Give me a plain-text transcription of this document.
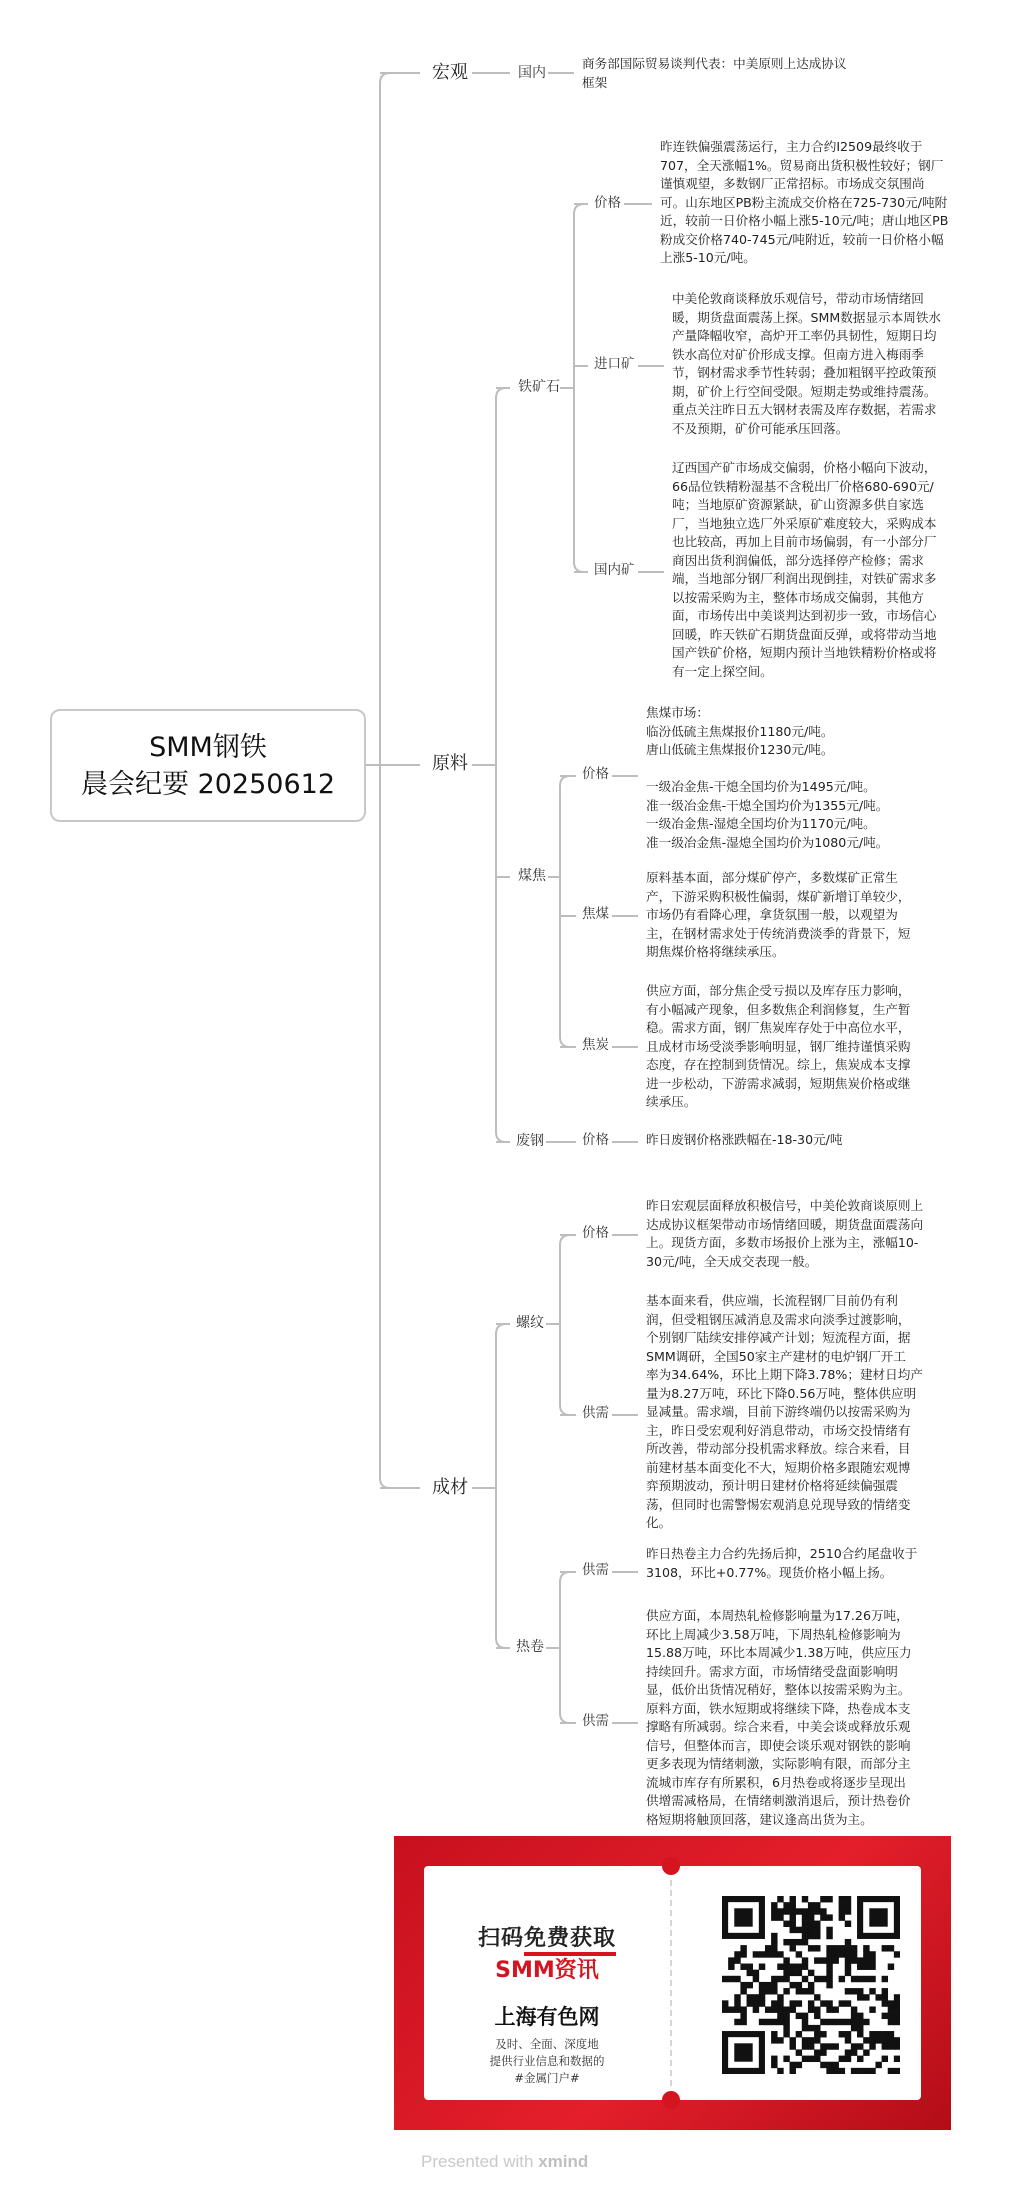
SMM钢铁
晨会纪要 20250612
宏观
原料
成材
国内
商务部国际贸易谈判代表：中美原则上达成协议
框架
铁矿石
价格
昨连铁偏强震荡运行，主力合约I2509最终收于
707，全天涨幅1%。贸易商出货积极性较好；钢厂
谨慎观望，多数钢厂正常招标。市场成交氛围尚
可。山东地区PB粉主流成交价格在725-730元/吨附
近，较前一日价格小幅上涨5-10元/吨；唐山地区PB
粉成交价格740-745元/吨附近，较前一日价格小幅
上涨5-10元/吨。
进口矿
中美伦敦商谈释放乐观信号，带动市场情绪回
暖，期货盘面震荡上探。SMM数据显示本周铁水
产量降幅收窄，高炉开工率仍具韧性，短期日均
铁水高位对矿价形成支撑。但南方进入梅雨季
节，钢材需求季节性转弱；叠加粗钢平控政策预
期，矿价上行空间受限。短期走势或维持震荡。
重点关注昨日五大钢材表需及库存数据，若需求
不及预期，矿价可能承压回落。
国内矿
辽西国产矿市场成交偏弱，价格小幅向下波动，
66品位铁精粉湿基不含税出厂价格680-690元/
吨；当地原矿资源紧缺，矿山资源多供自家选
厂，当地独立选厂外采原矿难度较大，采购成本
也比较高，再加上目前市场偏弱，有一小部分厂
商因出货利润偏低，部分选择停产检修；需求
端，当地部分钢厂利润出现倒挂，对铁矿需求多
以按需采购为主，整体市场成交偏弱，其他方
面，市场传出中美谈判达到初步一致，市场信心
回暖，昨天铁矿石期货盘面反弹，或将带动当地
国产铁矿价格，短期内预计当地铁精粉价格或将
有一定上探空间。
煤焦
价格
焦煤市场：
临汾低硫主焦煤报价1180元/吨。
唐山低硫主焦煤报价1230元/吨。

一级冶金焦-干熄全国均价为1495元/吨。
准一级冶金焦-干熄全国均价为1355元/吨。
一级冶金焦-湿熄全国均价为1170元/吨。
准一级冶金焦-湿熄全国均价为1080元/吨。
焦煤
原料基本面，部分煤矿停产，多数煤矿正常生
产，下游采购积极性偏弱，煤矿新增订单较少，
市场仍有看降心理，拿货氛围一般，以观望为
主，在钢材需求处于传统消费淡季的背景下，短
期焦煤价格将继续承压。
焦炭
供应方面，部分焦企受亏损以及库存压力影响，
有小幅减产现象，但多数焦企利润修复，生产暂
稳。需求方面，钢厂焦炭库存处于中高位水平，
且成材市场受淡季影响明显，钢厂维持谨慎采购
态度，存在控制到货情况。综上，焦炭成本支撑
进一步松动，下游需求减弱，短期焦炭价格或继
续承压。
废钢	价格	昨日废钢价格涨跌幅在-18-30元/吨
螺纹
价格
昨日宏观层面释放积极信号，中美伦敦商谈原则上
达成协议框架带动市场情绪回暖，期货盘面震荡向
上。现货方面，多数市场报价上涨为主，涨幅10-
30元/吨，全天成交表现一般。
供需
基本面来看，供应端，长流程钢厂目前仍有利
润，但受粗钢压减消息及需求向淡季过渡影响，
个别钢厂陆续安排停减产计划；短流程方面，据
SMM调研，全国50家主产建材的电炉钢厂开工
率为34.64%，环比上期下降3.78%；建材日均产
量为8.27万吨，环比下降0.56万吨，整体供应明
显减量。需求端，目前下游终端仍以按需采购为
主，昨日受宏观利好消息带动，市场交投情绪有
所改善，带动部分投机需求释放。综合来看，目
前建材基本面变化不大，短期价格多跟随宏观博
弈预期波动，预计明日建材价格将延续偏强震
荡，但同时也需警惕宏观消息兑现导致的情绪变
化。
热卷
供需
昨日热卷主力合约先扬后抑，2510合约尾盘收于
3108，环比+0.77%。现货价格小幅上扬。
供需
供应方面，本周热轧检修影响量为17.26万吨，
环比上周减少3.58万吨，下周热轧检修影响为
15.88万吨，环比本周减少1.38万吨，供应压力
持续回升。需求方面，市场情绪受盘面影响明
显，低价出货情况稍好，整体以按需采购为主。
原料方面，铁水短期或将继续下降，热卷成本支
撑略有所减弱。综合来看，中美会谈或释放乐观
信号，但整体而言，即使会谈乐观对钢铁的影响
更多表现为情绪刺激，实际影响有限，而部分主
流城市库存有所累积，6月热卷或将逐步呈现出
供增需减格局，在情绪刺激消退后，预计热卷价
格短期将触顶回落，建议逢高出货为主。
扫码免费获取
SMM资讯
上海有色网
及时、全面、深度地
提供行业信息和数据的
#金属门户#
Presented with xmind
